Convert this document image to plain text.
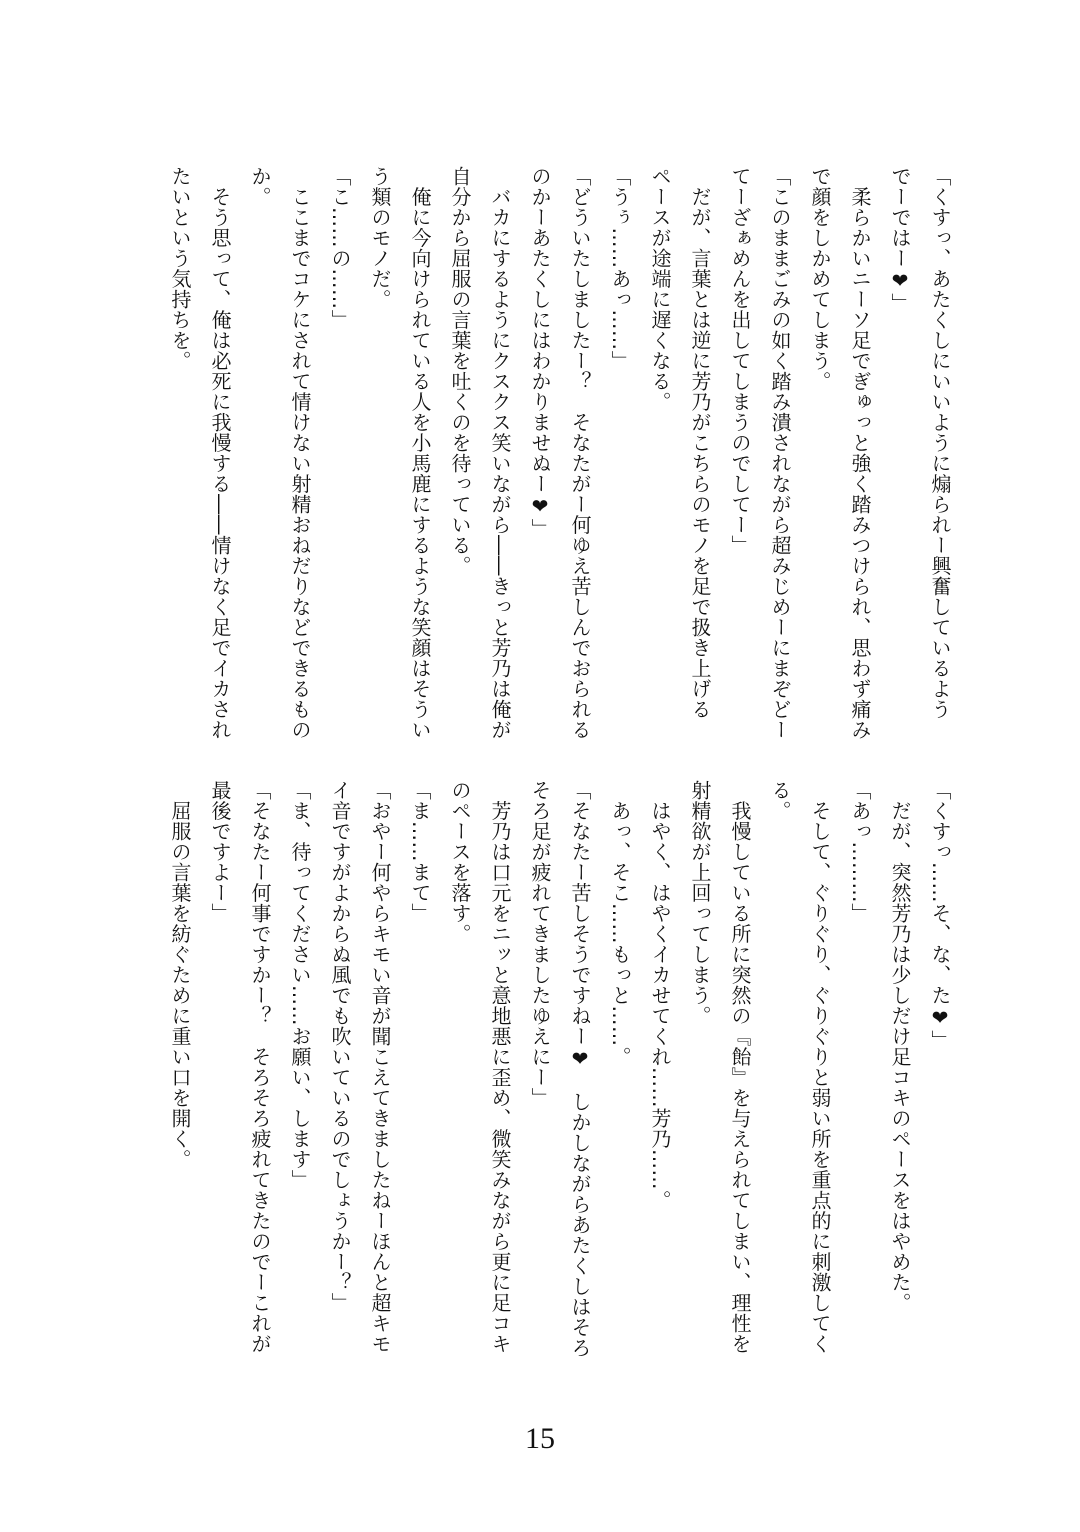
「くすっ、あたくしにいいように煽られー興奮しているよう
でーではー❤」
　柔らかいニーソ足でぎゅっと強く踏みつけられ、思わず痛み
で顔をしかめてしまう。
「このままごみの如く踏み潰されながら超みじめーにまぞどー
てーざぁめんを出してしまうのでしてー」
　だが、言葉とは逆に芳乃がこちらのモノを足で扱き上げる
ペースが途端に遅くなる。
「うぅ……あっ……」
「どういたしましたー？　そなたがー何ゆえ苦しんでおられる
のかーあたくしにはわかりませぬー❤」
　バカにするようにクスクス笑いながら――きっと芳乃は俺が
自分から屈服の言葉を吐くのを待っている。
　俺に今向けられている人を小馬鹿にするような笑顔はそうい
う類のモノだ。
「こ……の……」
　ここまでコケにされて情けない射精おねだりなどできるもの
か。
　そう思って、俺は必死に我慢する――情けなく足でイカされ
たいという気持ちを。
「くすっ……そ、な、た❤」
　だが、突然芳乃は少しだけ足コキのペースをはやめた。
「あっ………」
　そして、ぐりぐり、ぐりぐりと弱い所を重点的に刺激してく
る。
　我慢している所に突然の『飴』を与えられてしまい、理性を
射精欲が上回ってしまう。
　はやく、はやくイカせてくれ……芳乃……。
　あっ、そこ……もっと……。
「そなたー苦しそうですねー❤　しかしながらあたくしはそろ
そろ足が疲れてきましたゆえにー」
　芳乃は口元をニッと意地悪に歪め、微笑みながら更に足コキ
のペースを落す。
「ま……まて」
「おやー何やらキモい音が聞こえてきましたねーほんと超キモ
イ音ですがよからぬ風でも吹いているのでしょうかー？」
「ま、待ってください……お願い、します」
「そなたー何事ですかー？　そろそろ疲れてきたのでーこれが
最後ですよー」
　屈服の言葉を紡ぐために重い口を開く。
15
